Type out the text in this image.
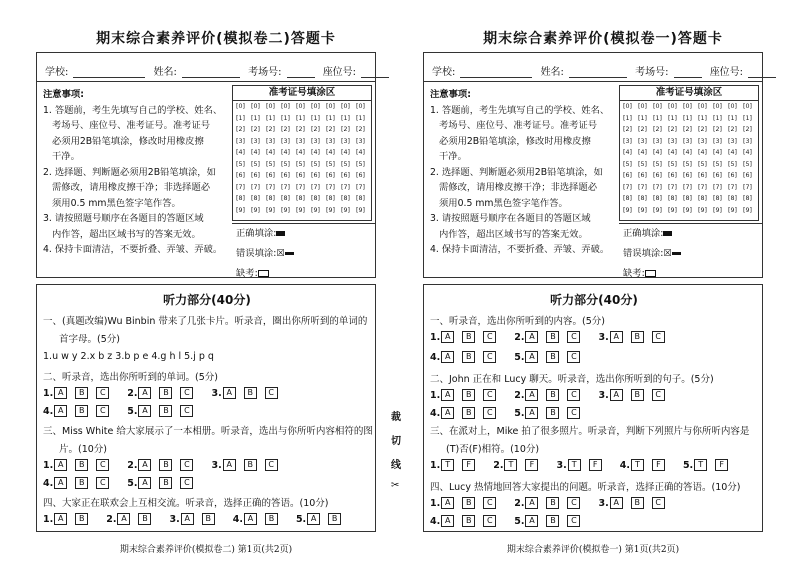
期末综合素养评价(模拟卷二)答题卡
学校:	姓名:	考场号:	座位号:

注意事项:

1. 答题前，考生先填写自己的学校、姓名、

考场号、座位号、准考证号。准考证号

必须用2B铅笔填涂，修改时用橡皮擦

干净。

2. 选择题、判断题必须用2B铅笔填涂，如

需修改，请用橡皮擦干净；非选择题必

须用0.5 mm黑色签字笔作答。

3. 请按照题号顺序在各题目的答题区域

内作答，超出区域书写的答案无效。

4. 保持卡面清洁，不要折叠、弄皱、弄破。

准考证号填涂区
[0] [0] [0] [0] [0] [0] [0] [0] [0]
[1] [1] [1] [1] [1] [1] [1] [1] [1]
[2] [2] [2] [2] [2] [2] [2] [2] [2]
[3] [3] [3] [3] [3] [3] [3] [3] [3]
[4] [4] [4] [4] [4] [4] [4] [4] [4]
[5] [5] [5] [5] [5] [5] [5] [5] [5]
[6] [6] [6] [6] [6] [6] [6] [6] [6]
[7] [7] [7] [7] [7] [7] [7] [7] [7]
[8] [8] [8] [8] [8] [8] [8] [8] [8]
[9] [9] [9] [9] [9] [9] [9] [9] [9]
正确填涂:
错误填涂:☒
缺考:
听力部分(40分)
一、(真题改编)Wu Binbin 带来了几张卡片。听录音，圈出你所听到的单词的
首字母。(5分)
1.u w y 2.x b z 3.b p e 4.g h l 5.j p q
二、听录音，选出你所听到的单词。(5分)
1. A B C 2. A B C 3. A B C
4. A B C 5. A B C
三、Miss White 给大家展示了一本相册。听录音，选出与你所听内容相符的图
片。(10分)
1. A B C 2. A B C 3. A B C
4. A B C 5. A B C
四、大家正在联欢会上互相交流。听录音，选择正确的答语。(10分)
1. A B 2. A B 3. A B 4. A B 5. A B
期末综合素养评价(模拟卷二) 第1页(共2页)
裁
切
线
✂
期末综合素养评价(模拟卷一)答题卡
学校:	姓名:	考场号:	座位号:

注意事项:

1. 答题前，考生先填写自己的学校、姓名、

考场号、座位号、准考证号。准考证号

必须用2B铅笔填涂，修改时用橡皮擦

干净。

2. 选择题、判断题必须用2B铅笔填涂，如

需修改，请用橡皮擦干净；非选择题必

须用0.5 mm黑色签字笔作答。

3. 请按照题号顺序在各题目的答题区域

内作答，超出区域书写的答案无效。

4. 保持卡面清洁，不要折叠、弄皱、弄破。

准考证号填涂区
[0] [0] [0] [0] [0] [0] [0] [0] [0]
[1] [1] [1] [1] [1] [1] [1] [1] [1]
[2] [2] [2] [2] [2] [2] [2] [2] [2]
[3] [3] [3] [3] [3] [3] [3] [3] [3]
[4] [4] [4] [4] [4] [4] [4] [4] [4]
[5] [5] [5] [5] [5] [5] [5] [5] [5]
[6] [6] [6] [6] [6] [6] [6] [6] [6]
[7] [7] [7] [7] [7] [7] [7] [7] [7]
[8] [8] [8] [8] [8] [8] [8] [8] [8]
[9] [9] [9] [9] [9] [9] [9] [9] [9]
正确填涂:
错误填涂:☒
缺考:
听力部分(40分)
一、听录音，选出你所听到的内容。(5分)
1. A B C 2. A B C 3. A B C
4. A B C 5. A B C
二、John 正在和 Lucy 聊天。听录音，选出你所听到的句子。(5分)
1. A B C 2. A B C 3. A B C
4. A B C 5. A B C
三、在派对上，Mike 拍了很多照片。听录音，判断下列照片与你所听内容是
(T)否(F)相符。(10分)
1. T F 2. T F 3. T F 4. T F 5. T F
四、Lucy 热情地回答大家提出的问题。听录音，选择正确的答语。(10分)
1. A B C 2. A B C 3. A B C
4. A B C 5. A B C
期末综合素养评价(模拟卷一) 第1页(共2页)
